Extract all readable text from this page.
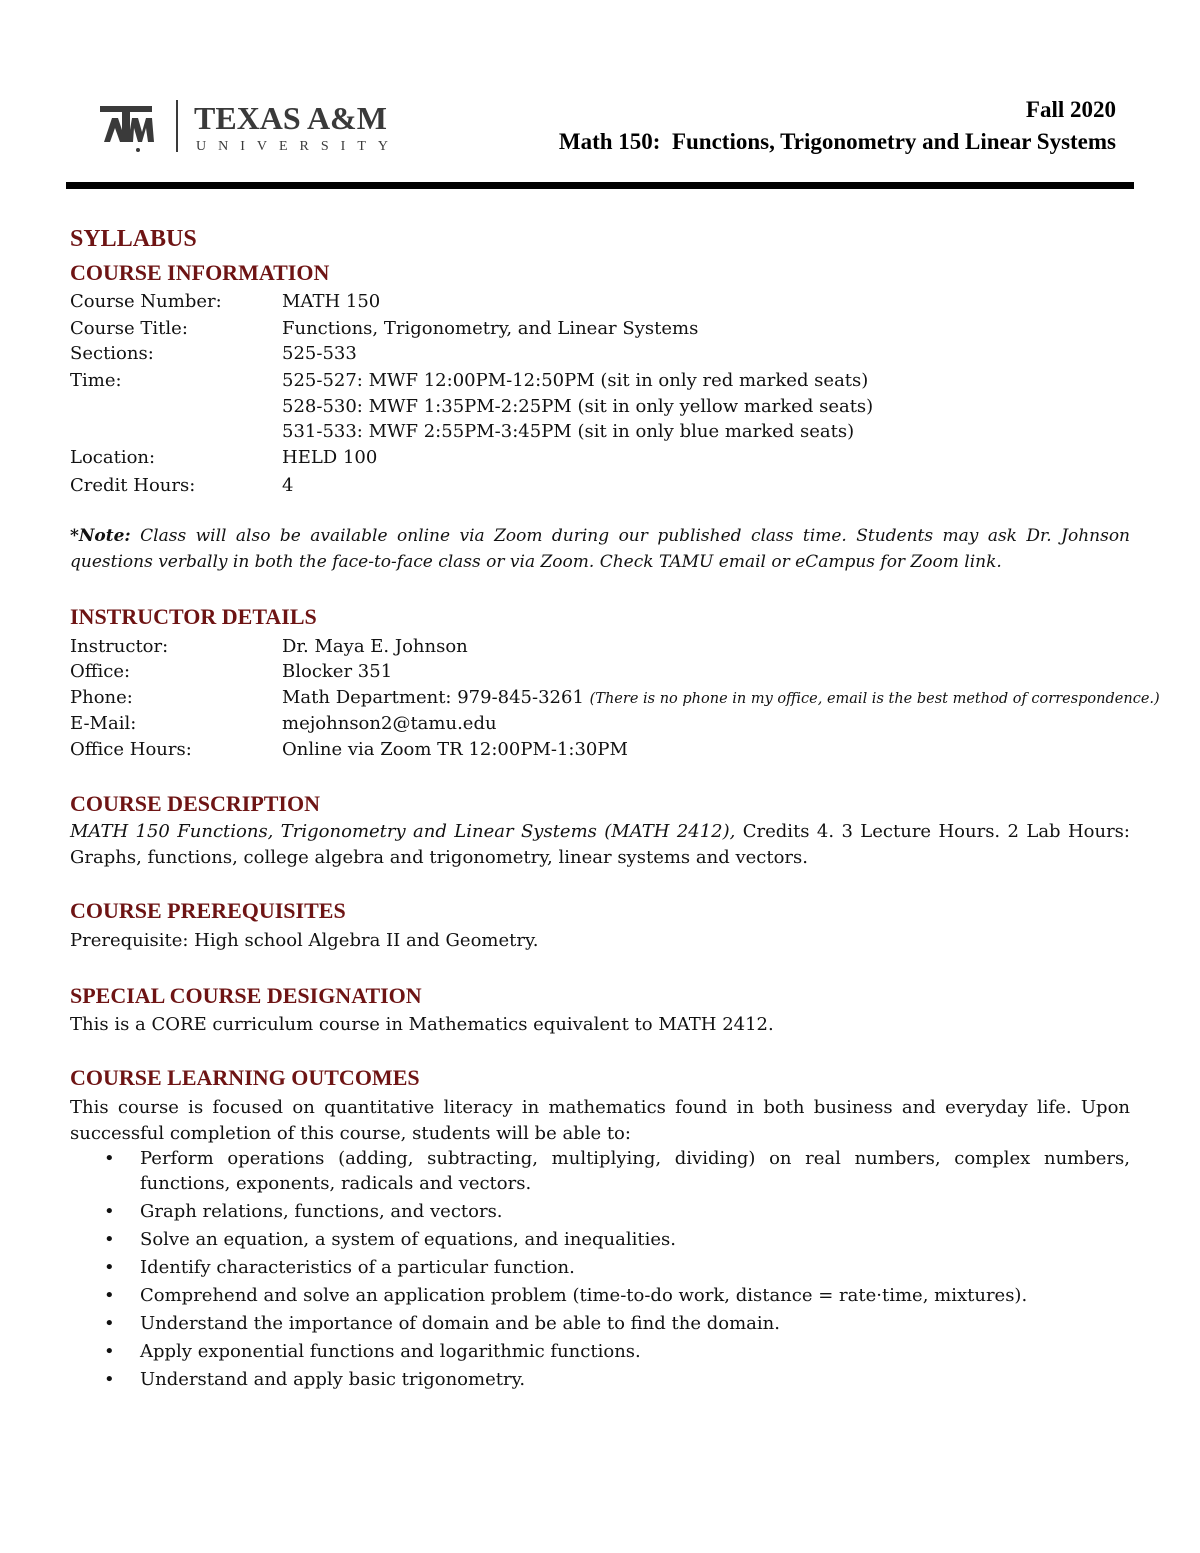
TEXAS A&M
UNIVERSITY
Fall 2020
Math 150:  Functions, Trigonometry and Linear Systems
SYLLABUS
COURSE INFORMATION
Course Number:	MATH 150
Course Title:	Functions, Trigonometry, and Linear Systems
Sections:	525-533
Time:	525-527: MWF 12:00PM-12:50PM (sit in only red marked seats)
528-530: MWF 1:35PM-2:25PM (sit in only yellow marked seats)
531-533: MWF 2:55PM-3:45PM (sit in only blue marked seats)
Location:	HELD 100
Credit Hours:	4
*Note: Class will also be available online via Zoom during our published class time. Students may ask Dr. Johnson questions verbally in both the face-to-face class or via Zoom. Check TAMU email or eCampus for Zoom link.
INSTRUCTOR DETAILS
Instructor:	Dr. Maya E. Johnson
Office:	Blocker 351
Phone:	Math Department: 979-845-3261 (There is no phone in my office, email is the best method of correspondence.)
E-Mail:	mejohnson2@tamu.edu
Office Hours:	Online via Zoom TR 12:00PM-1:30PM
COURSE DESCRIPTION
MATH 150 Functions, Trigonometry and Linear Systems (MATH 2412), Credits 4. 3 Lecture Hours. 2 Lab Hours: Graphs, functions, college algebra and trigonometry, linear systems and vectors.
COURSE PREREQUISITES
Prerequisite: High school Algebra II and Geometry.
SPECIAL COURSE DESIGNATION
This is a CORE curriculum course in Mathematics equivalent to MATH 2412.
COURSE LEARNING OUTCOMES
This course is focused on quantitative literacy in mathematics found in both business and everyday life. Upon successful completion of this course, students will be able to:
• Perform operations (adding, subtracting, multiplying, dividing) on real numbers, complex numbers, functions, exponents, radicals and vectors.
• Graph relations, functions, and vectors.
• Solve an equation, a system of equations, and inequalities.
• Identify characteristics of a particular function.
• Comprehend and solve an application problem (time-to-do work, distance = rate·time, mixtures).
• Understand the importance of domain and be able to find the domain.
• Apply exponential functions and logarithmic functions.
• Understand and apply basic trigonometry.
